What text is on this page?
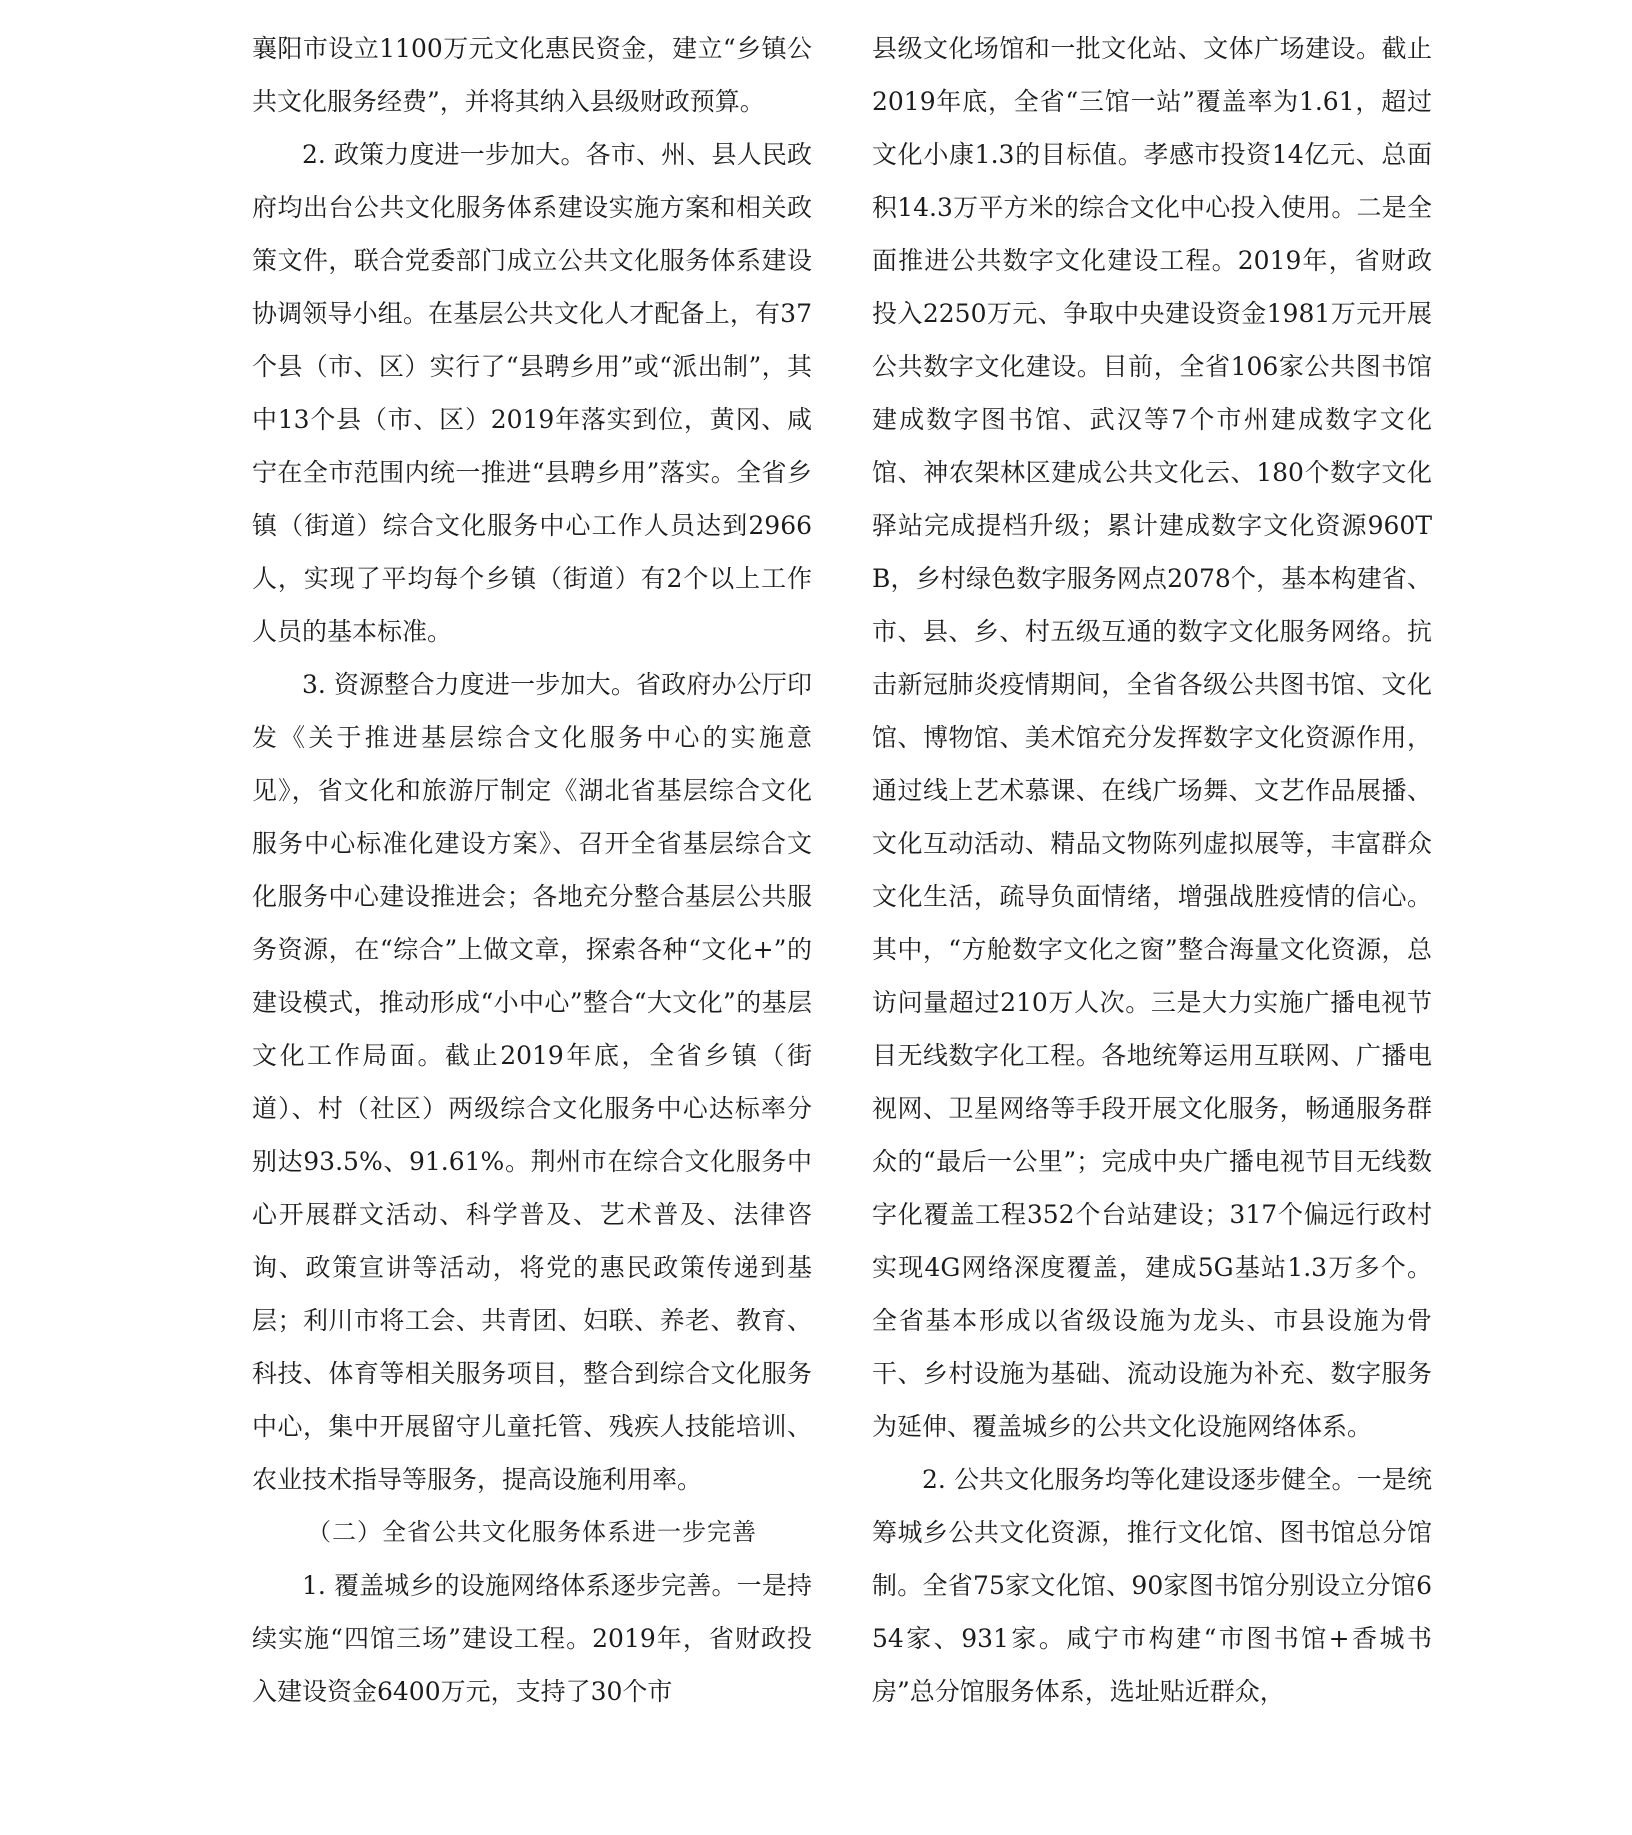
襄阳市设立1100万元文化惠民资金，建立“乡镇公共文化服务经费”，并将其纳入县级财政预算。

2. 政策力度进一步加大。各市、州、县人民政府均出台公共文化服务体系建设实施方案和相关政策文件，联合党委部门成立公共文化服务体系建设协调领导小组。在基层公共文化人才配备上，有37个县（市、区）实行了“县聘乡用”或“派出制”，其中13个县（市、区）2019年落实到位，黄冈、咸宁在全市范围内统一推进“县聘乡用”落实。全省乡镇（街道）综合文化服务中心工作人员达到2966人，实现了平均每个乡镇（街道）有2个以上工作人员的基本标准。

3. 资源整合力度进一步加大。省政府办公厅印发《关于推进基层综合文化服务中心的实施意见》，省文化和旅游厅制定《湖北省基层综合文化服务中心标准化建设方案》、召开全省基层综合文化服务中心建设推进会；各地充分整合基层公共服务资源，在“综合”上做文章，探索各种“文化+”的建设模式，推动形成“小中心”整合“大文化”的基层文化工作局面。截止2019年底，全省乡镇（街道）、村（社区）两级综合文化服务中心达标率分别达93.5%、91.61%。荆州市在综合文化服务中心开展群文活动、科学普及、艺术普及、法律咨询、政策宣讲等活动，将党的惠民政策传递到基层；利川市将工会、共青团、妇联、养老、教育、科技、体育等相关服务项目，整合到综合文化服务中心，集中开展留守儿童托管、残疾人技能培训、农业技术指导等服务，提高设施利用率。

（二）全省公共文化服务体系进一步完善

1. 覆盖城乡的设施网络体系逐步完善。一是持续实施“四馆三场”建设工程。2019年，省财政投入建设资金6400万元，支持了30个市

县级文化场馆和一批文化站、文体广场建设。截止2019年底，全省“三馆一站”覆盖率为1.61，超过文化小康1.3的目标值。孝感市投资14亿元、总面积14.3万平方米的综合文化中心投入使用。二是全面推进公共数字文化建设工程。2019年，省财政投入2250万元、争取中央建设资金1981万元开展公共数字文化建设。目前，全省106家公共图书馆建成数字图书馆、武汉等7个市州建成数字文化馆、神农架林区建成公共文化云、180个数字文化驿站完成提档升级；累计建成数字文化资源960TB，乡村绿色数字服务网点2078个，基本构建省、市、县、乡、村五级互通的数字文化服务网络。抗击新冠肺炎疫情期间，全省各级公共图书馆、文化馆、博物馆、美术馆充分发挥数字文化资源作用，通过线上艺术慕课、在线广场舞、文艺作品展播、文化互动活动、精品文物陈列虚拟展等，丰富群众文化生活，疏导负面情绪，增强战胜疫情的信心。其中，“方舱数字文化之窗”整合海量文化资源，总访问量超过210万人次。三是大力实施广播电视节目无线数字化工程。各地统筹运用互联网、广播电视网、卫星网络等手段开展文化服务，畅通服务群众的“最后一公里”；完成中央广播电视节目无线数字化覆盖工程352个台站建设；317个偏远行政村实现4G网络深度覆盖，建成5G基站1.3万多个。全省基本形成以省级设施为龙头、市县设施为骨干、乡村设施为基础、流动设施为补充、数字服务为延伸、覆盖城乡的公共文化设施网络体系。

2. 公共文化服务均等化建设逐步健全。一是统筹城乡公共文化资源，推行文化馆、图书馆总分馆制。全省75家文化馆、90家图书馆分别设立分馆654家、931家。咸宁市构建“市图书馆+香城书房”总分馆服务体系，选址贴近群众，
